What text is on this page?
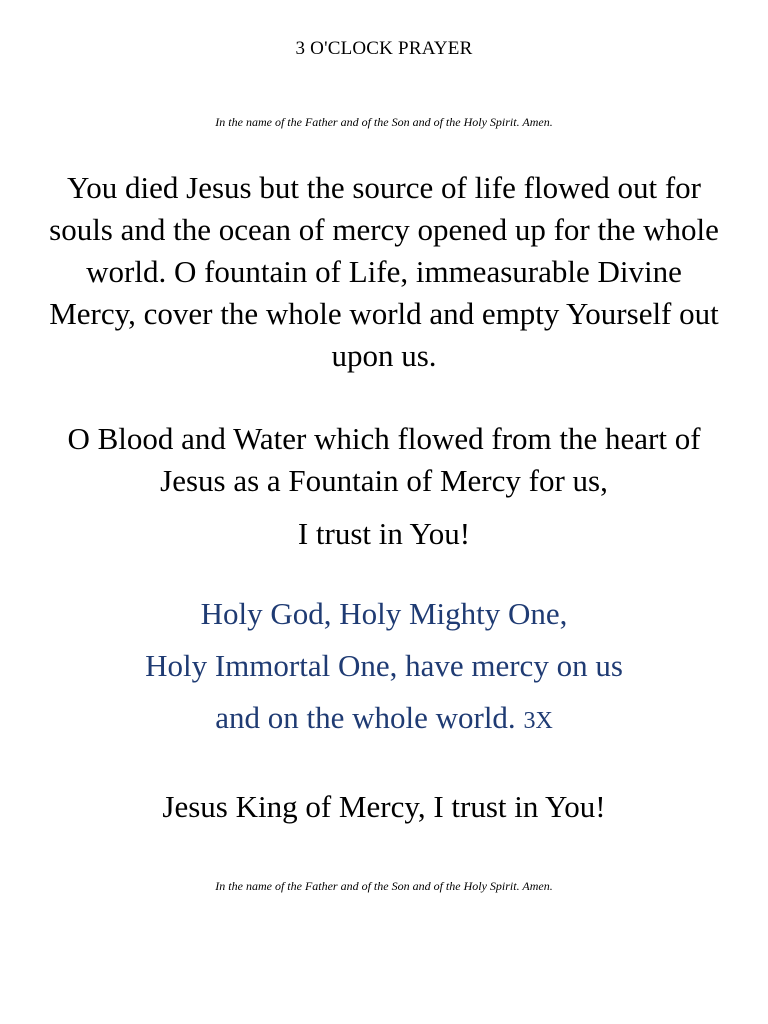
3 O'CLOCK PRAYER
In the name of the Father and of the Son and of the Holy Spirit. Amen.
You died Jesus but the source of life flowed out for souls and the ocean of mercy opened up for the whole world. O fountain of Life, immeasurable Divine Mercy, cover the whole world and empty Yourself out upon us.
O Blood and Water which flowed from the heart of Jesus as a Fountain of Mercy for us,
I trust in You!
Holy God, Holy Mighty One,
Holy Immortal One, have mercy on us
and on the whole world. 3X
Jesus King of Mercy, I trust in You!
In the name of the Father and of the Son and of the Holy Spirit. Amen.
